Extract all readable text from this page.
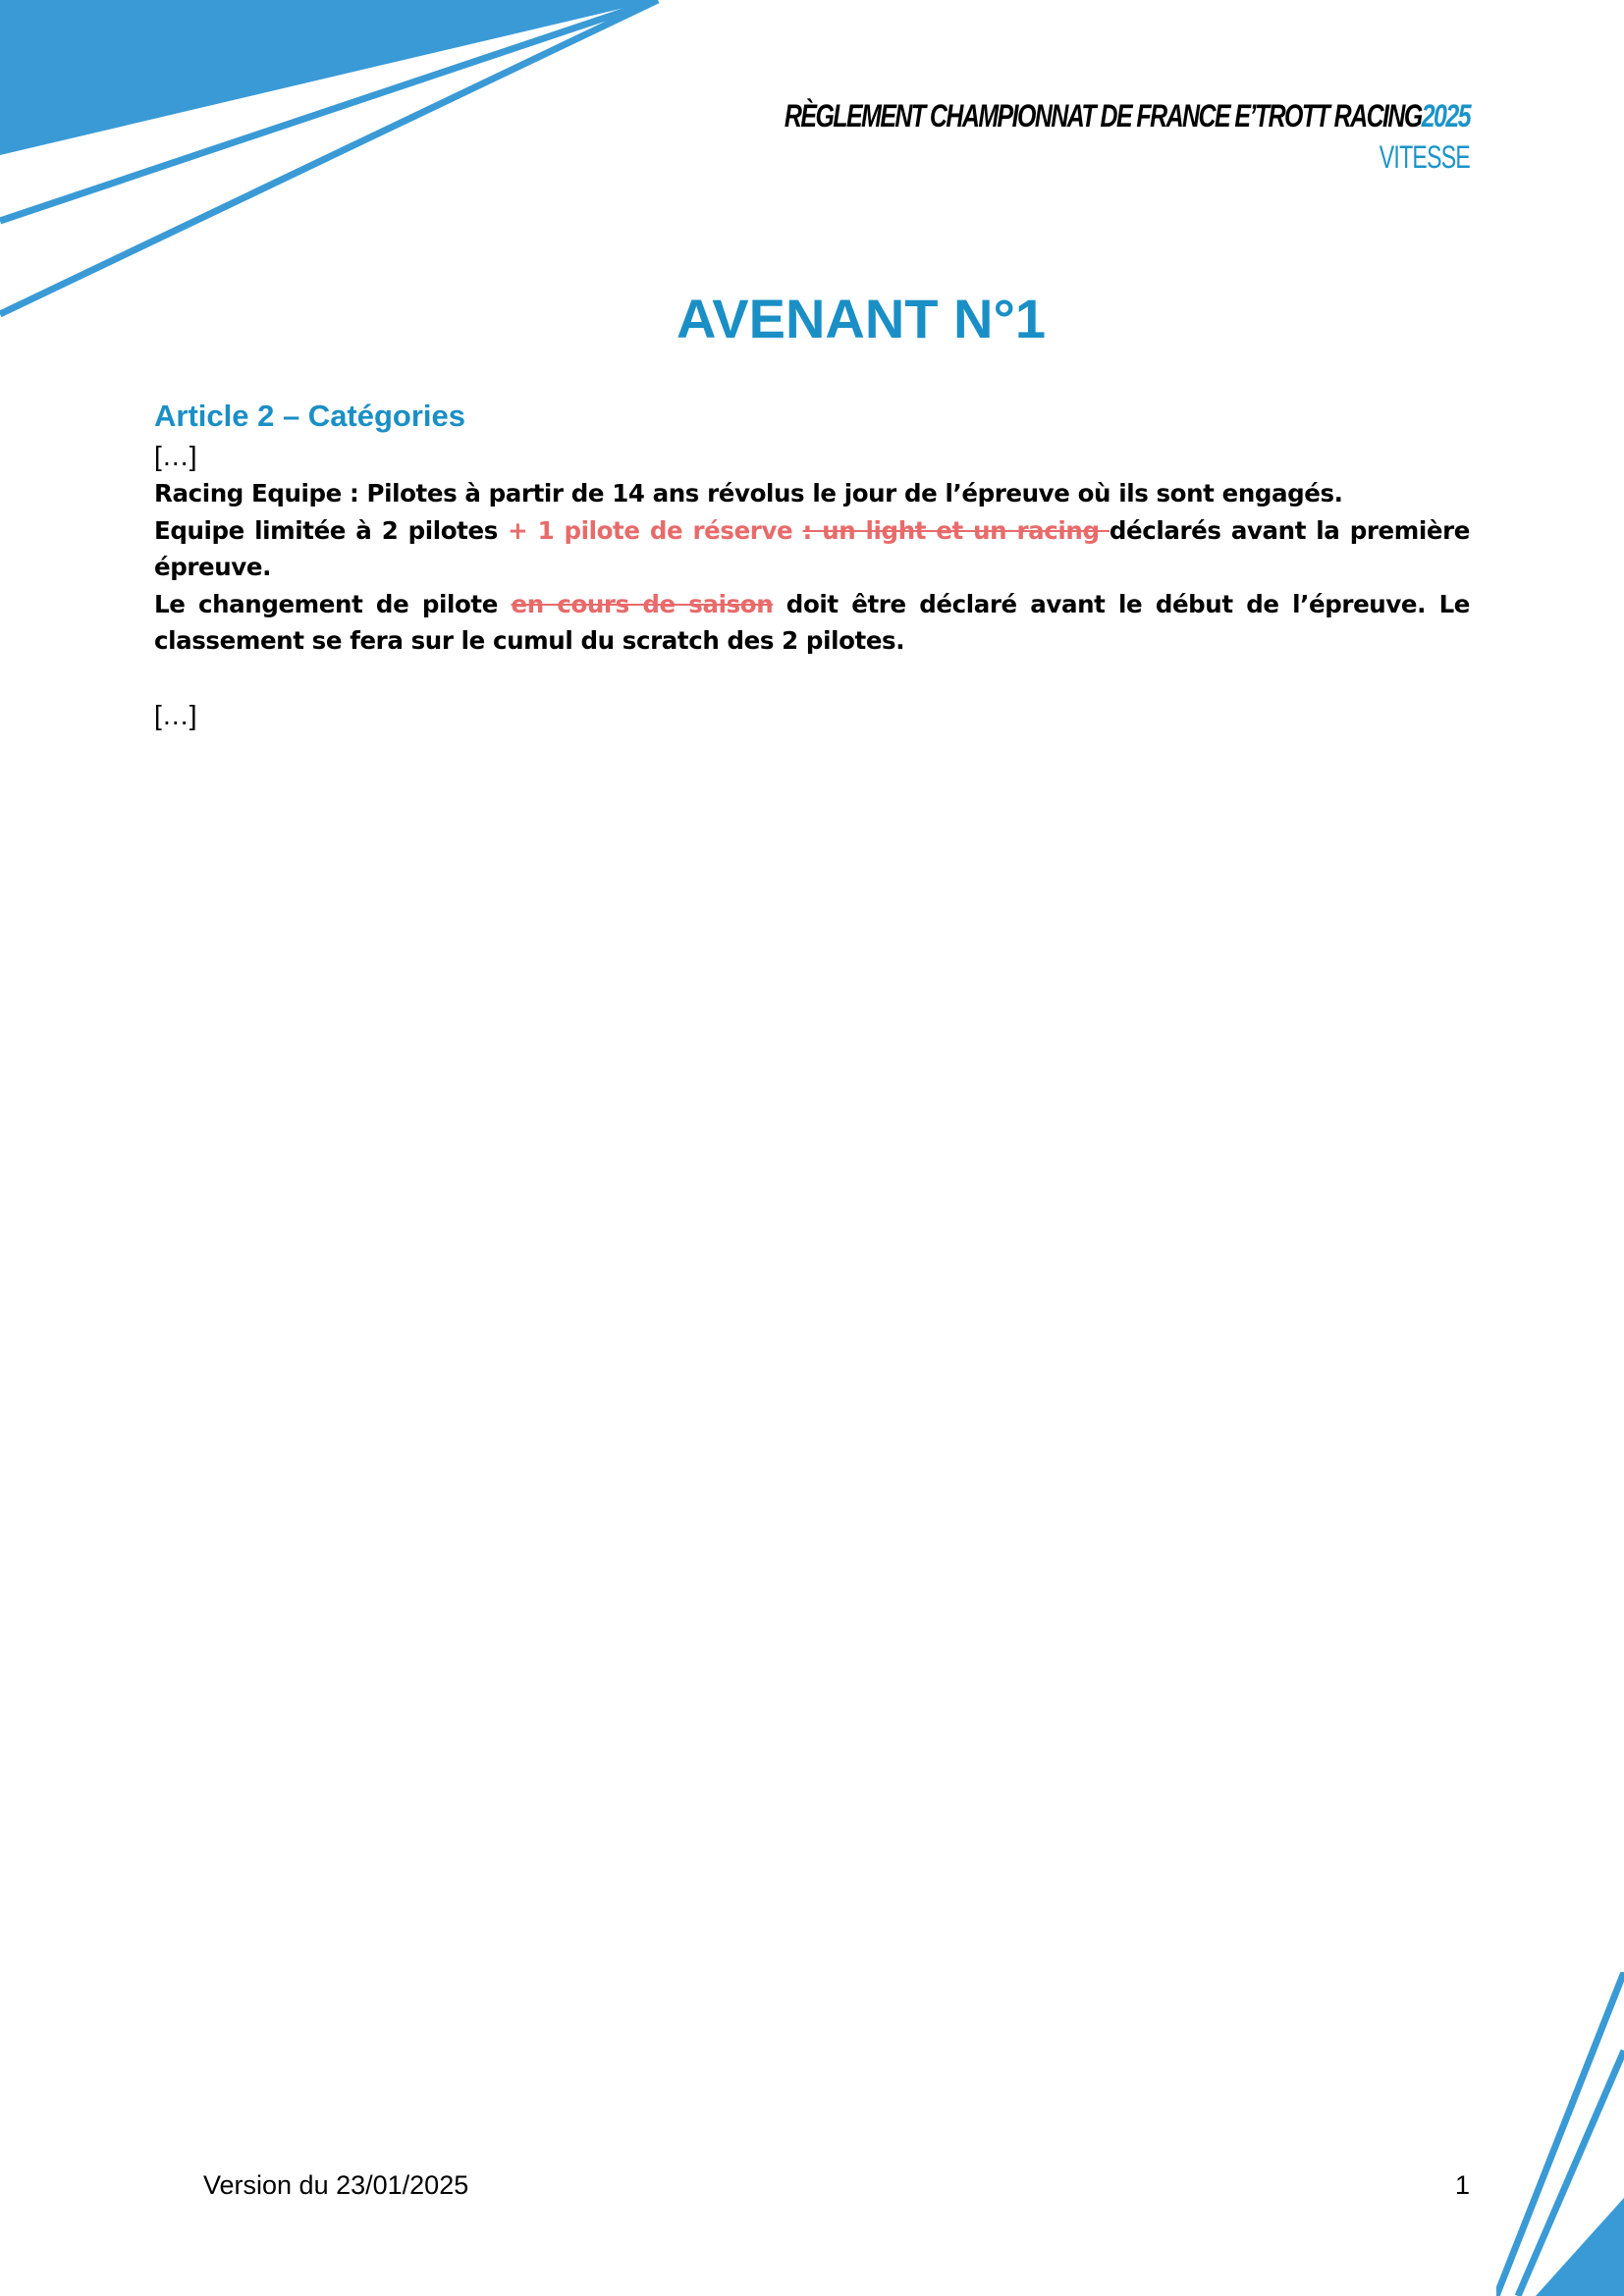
RÈGLEMENT CHAMPIONNAT DE FRANCE E’TROTT RACING2025
VITESSE
AVENANT N°1
Article 2 – Catégories

[…]

Racing Equipe : Pilotes à partir de 14 ans révolus le jour de l’épreuve où ils sont engagés.
Equipe limitée à 2 pilotes + 1 pilote de réserve : un light et un racing déclarés avant la première épreuve.
Le changement de pilote en cours de saison doit être déclaré avant le début de l’épreuve. Le classement se fera sur le cumul du scratch des 2 pilotes.

[…]

Version du 23/01/2025	1
